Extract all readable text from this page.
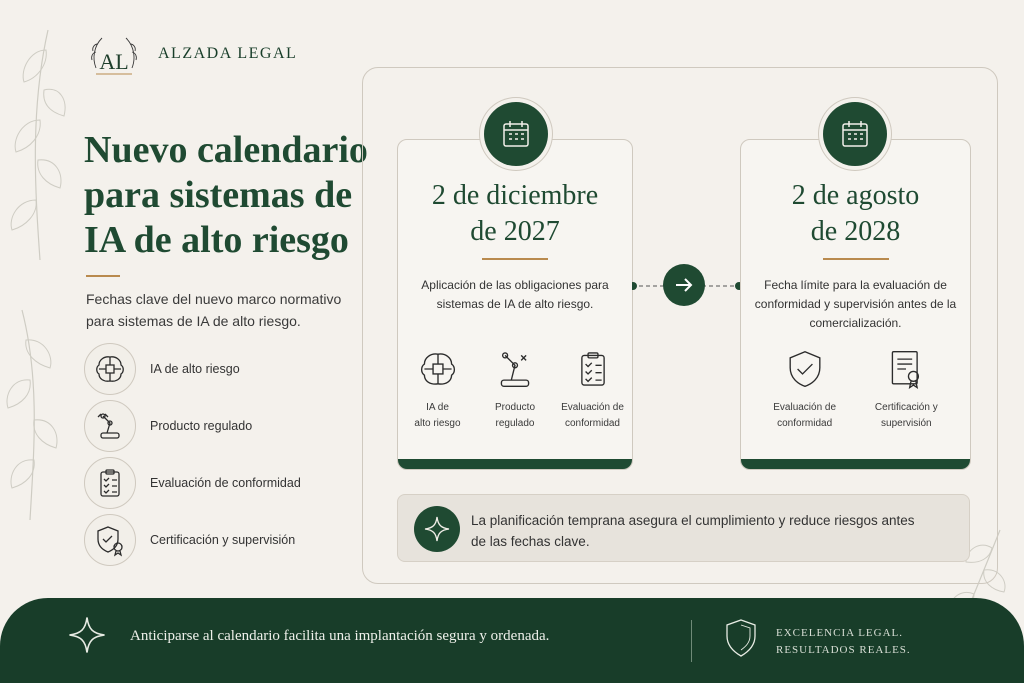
AL ALZADA LEGAL
Nuevo calendario para sistemas de IA de alto riesgo

Fechas clave del nuevo marco normativo para sistemas de IA de alto riesgo.

IA de alto riesgo
Producto regulado
Evaluación de conformidad
Certificación y supervisión
2 de diciembre
de 2027
Aplicación de las obligaciones para sistemas de IA de alto riesgo.
IA de
alto riesgo
Producto
regulado
Evaluación de
conformidad
2 de agosto
de 2028
Fecha límite para la evaluación de conformidad y supervisión antes de la comercialización.
Evaluación de
conformidad
Certificación y
supervisión
La planificación temprana asegura el cumplimiento y reduce riesgos antes de las fechas clave.
Anticiparse al calendario facilita una implantación segura y ordenada.	EXCELENCIA LEGAL.
RESULTADOS REALES.
